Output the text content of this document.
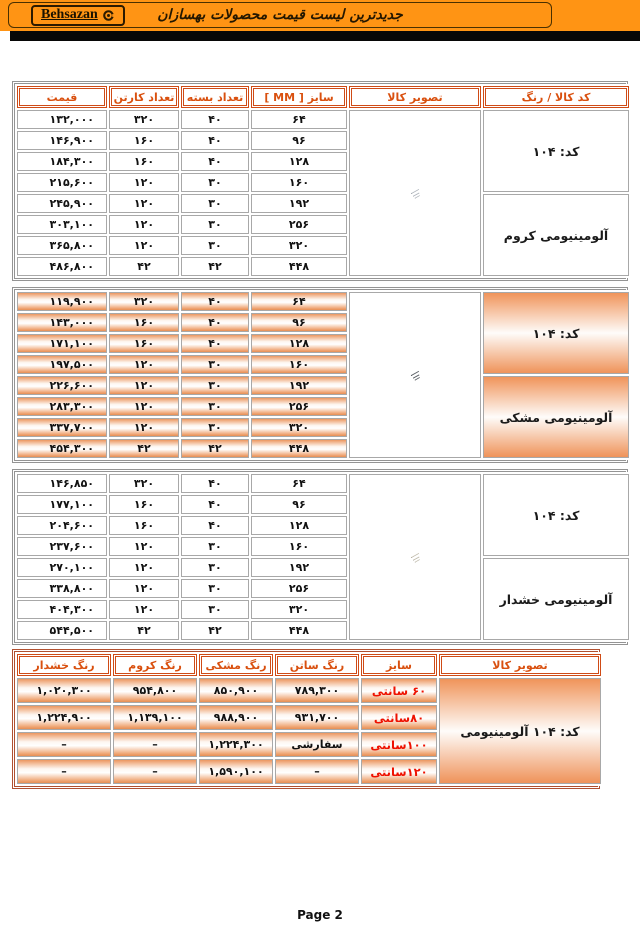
Behsazan	جدیدترین لیست قیمت محصولات بهسازان
کد کالا / رنگ	تصویر کالا	سایز [ MM ]	تعداد بسته	تعداد کارتن	قیمت
کد: ۱۰۴		۶۴	۴۰	۳۲۰	۱۳۲,۰۰۰
		۹۶	۴۰	۱۶۰	۱۴۶,۹۰۰
		۱۲۸	۴۰	۱۶۰	۱۸۴,۳۰۰
		۱۶۰	۳۰	۱۲۰	۲۱۵,۶۰۰
آلومینیومی کروم		۱۹۲	۳۰	۱۲۰	۲۴۵,۹۰۰
		۲۵۶	۳۰	۱۲۰	۳۰۳,۱۰۰
		۳۲۰	۳۰	۱۲۰	۳۶۵,۸۰۰
		۴۴۸	۴۲	۴۲	۴۸۶,۸۰۰
کد: ۱۰۴		۶۴	۴۰	۳۲۰	۱۱۹,۹۰۰
		۹۶	۴۰	۱۶۰	۱۴۳,۰۰۰
		۱۲۸	۴۰	۱۶۰	۱۷۱,۱۰۰
		۱۶۰	۳۰	۱۲۰	۱۹۷,۵۰۰
آلومینیومی مشکی		۱۹۲	۳۰	۱۲۰	۲۲۶,۶۰۰
		۲۵۶	۳۰	۱۲۰	۲۸۳,۳۰۰
		۳۲۰	۳۰	۱۲۰	۳۳۷,۷۰۰
		۴۴۸	۴۲	۴۲	۴۵۴,۳۰۰
کد: ۱۰۴		۶۴	۴۰	۳۲۰	۱۴۶,۸۵۰
		۹۶	۴۰	۱۶۰	۱۷۷,۱۰۰
		۱۲۸	۴۰	۱۶۰	۲۰۴,۶۰۰
		۱۶۰	۳۰	۱۲۰	۲۳۷,۶۰۰
آلومینیومی خشدار		۱۹۲	۳۰	۱۲۰	۲۷۰,۱۰۰
		۲۵۶	۳۰	۱۲۰	۳۳۸,۸۰۰
		۳۲۰	۳۰	۱۲۰	۴۰۴,۳۰۰
		۴۴۸	۴۲	۴۲	۵۴۴,۵۰۰
تصویر کالا	سایز	رنگ ساتن	رنگ مشکی	رنگ کروم	رنگ خشدار
کد: ۱۰۴ آلومینیومی	۶۰ سانتی	۷۸۹,۳۰۰	۸۵۰,۹۰۰	۹۵۴,۸۰۰	۱,۰۲۰,۳۰۰
	۸۰سانتی	۹۳۱,۷۰۰	۹۸۸,۹۰۰	۱,۱۳۹,۱۰۰	۱,۲۲۴,۹۰۰
	۱۰۰سانتی	سفارشی	۱,۲۲۴,۳۰۰	–	–
	۱۲۰سانتی	–	۱,۵۹۰,۱۰۰	–	–
Page 2
